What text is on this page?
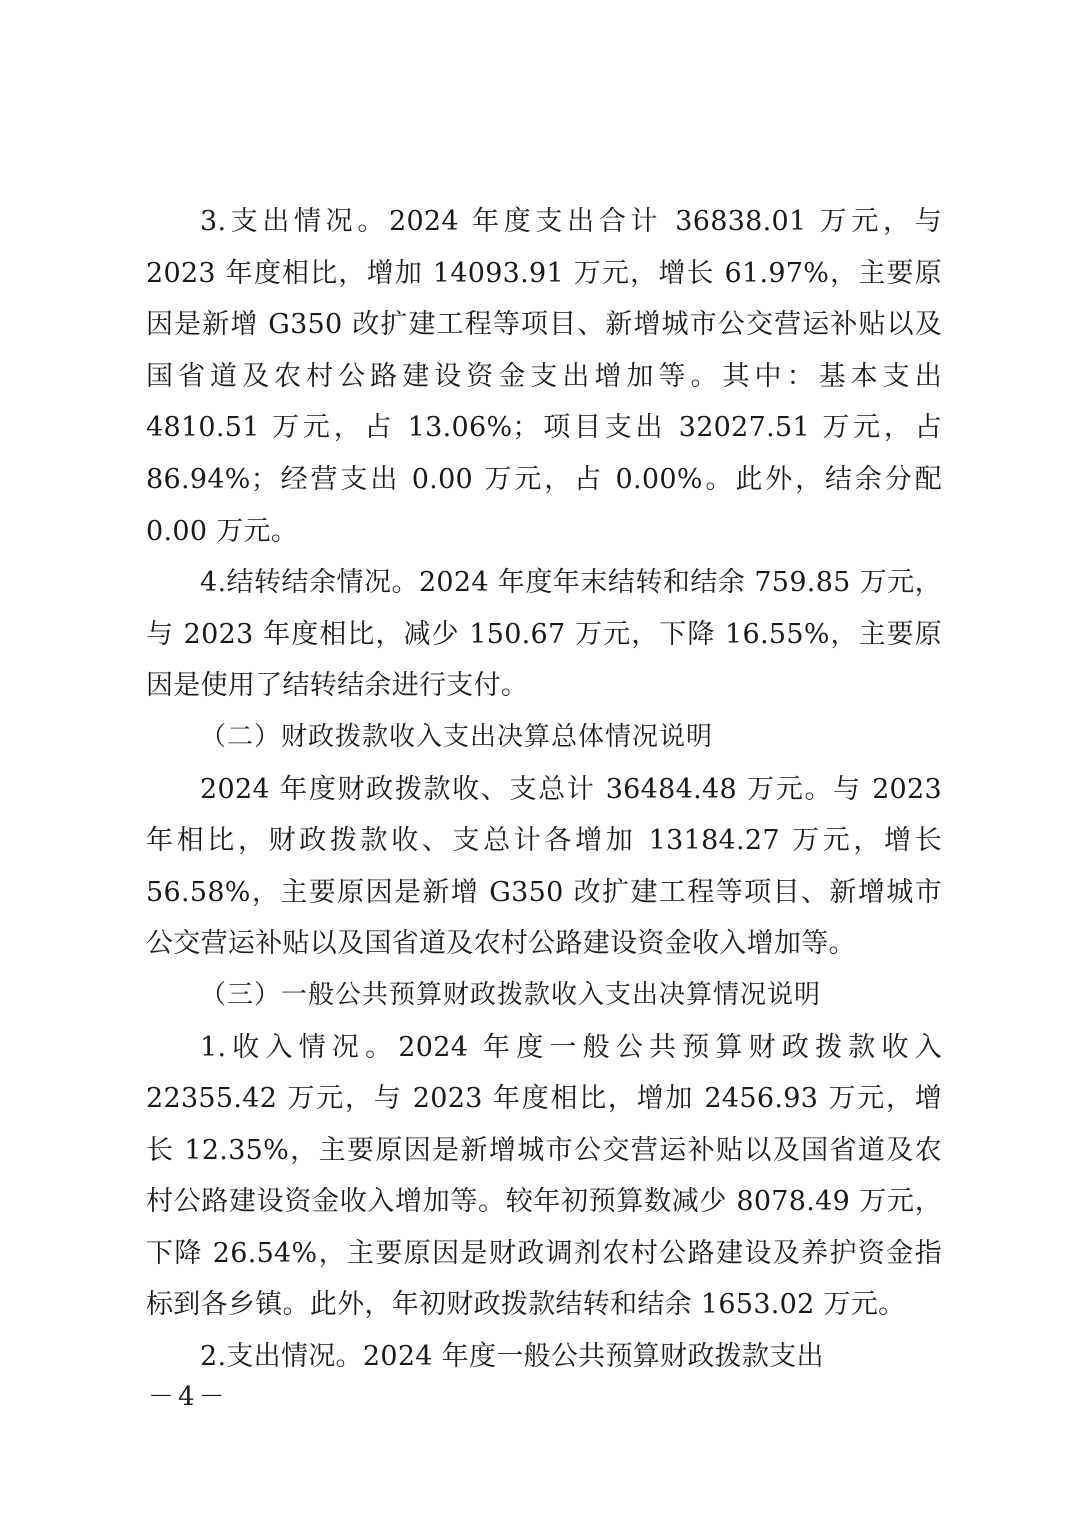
3.支出情况。2024 年度支出合计 36838.01 万元，与 2023 年度相比，增加 14093.91 万元，增长 61.97%，主要原因是新增 G350 改扩建工程等项目、新增城市公交营运补贴以及国省道及农村公路建设资金支出增加等。其中：基本支出 4810.51 万元，占 13.06%；项目支出 32027.51 万元，占 86.94%；经营支出 0.00 万元，占 0.00%。此外，结余分配 0.00 万元。

4.结转结余情况。2024 年度年末结转和结余 759.85 万元，与 2023 年度相比，减少 150.67 万元，下降 16.55%，主要原因是使用了结转结余进行支付。

（二）财政拨款收入支出决算总体情况说明

2024 年度财政拨款收、支总计 36484.48 万元。与 2023 年相比，财政拨款收、支总计各增加 13184.27 万元，增长 56.58%，主要原因是新增 G350 改扩建工程等项目、新增城市公交营运补贴以及国省道及农村公路建设资金收入增加等。

（三）一般公共预算财政拨款收入支出决算情况说明

1.收入情况。2024 年度一般公共预算财政拨款收入 22355.42 万元，与 2023 年度相比，增加 2456.93 万元，增长 12.35%，主要原因是新增城市公交营运补贴以及国省道及农村公路建设资金收入增加等。较年初预算数减少 8078.49 万元，下降 26.54%，主要原因是财政调剂农村公路建设及养护资金指标到各乡镇。此外，年初财政拨款结转和结余 1653.02 万元。

2.支出情况。2024 年度一般公共预算财政拨款支出

－4－
